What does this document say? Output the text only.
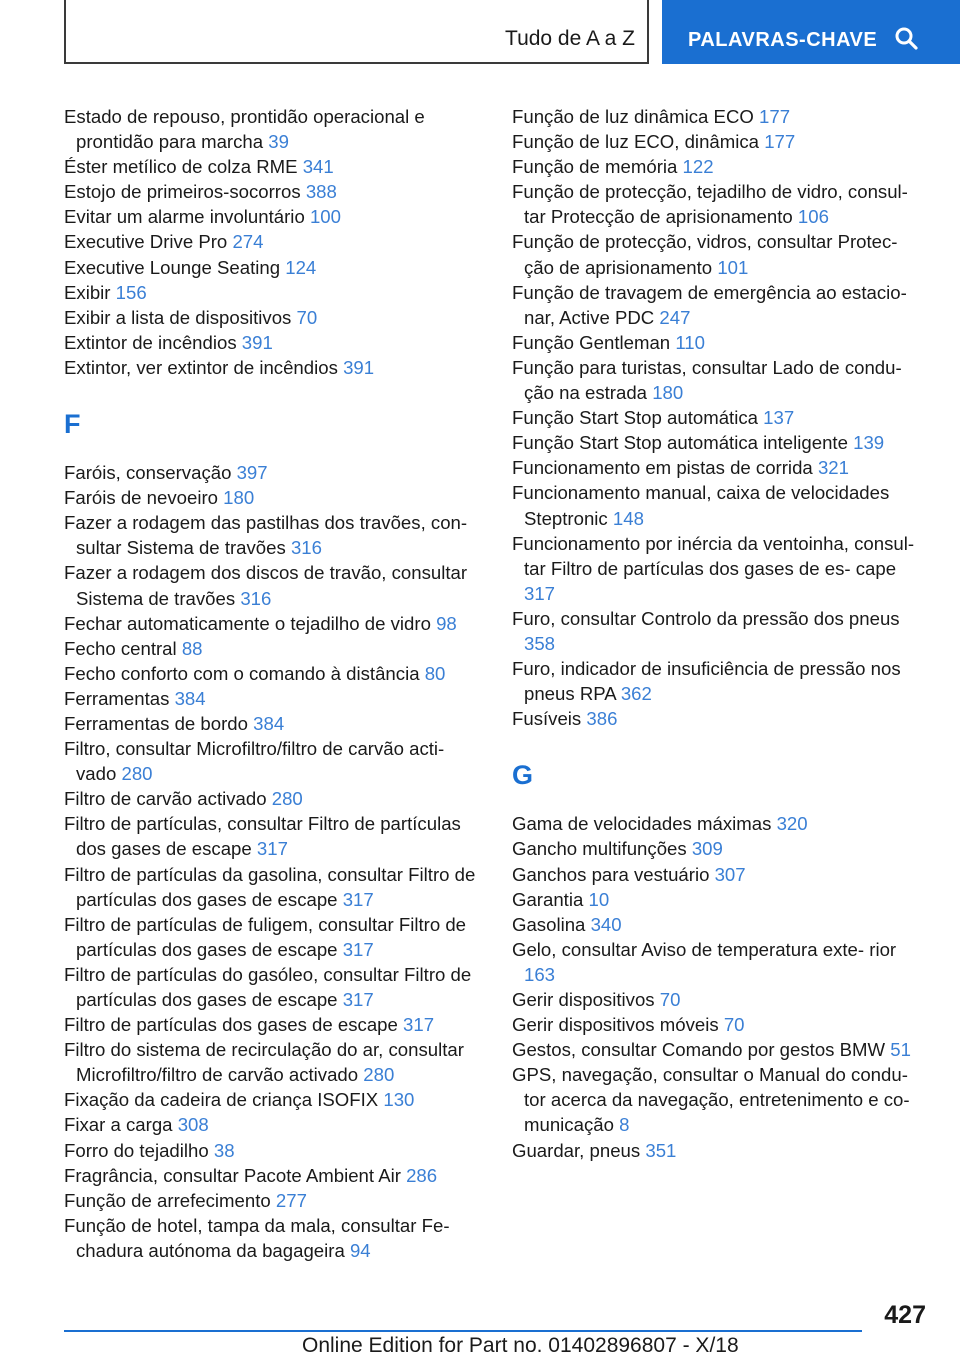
Tudo de A a Z	PALAVRAS-CHAVE
Estado de repouso, prontidão operacional e prontidão para marcha 39
Éster metílico de colza RME 341
Estojo de primeiros-socorros 388
Evitar um alarme involuntário 100
Executive Drive Pro 274
Executive Lounge Seating 124
Exibir 156
Exibir a lista de dispositivos 70
Extintor de incêndios 391
Extintor, ver extintor de incêndios 391
F
Faróis, conservação 397
Faróis de nevoeiro 180
Fazer a rodagem das pastilhas dos travões, con- sultar Sistema de travões 316
Fazer a rodagem dos discos de travão, consultar Sistema de travões 316
Fechar automaticamente o tejadilho de vidro 98
Fecho central 88
Fecho conforto com o comando à distância 80
Ferramentas 384
Ferramentas de bordo 384
Filtro, consultar Microfiltro/filtro de carvão acti- vado 280
Filtro de carvão activado 280
Filtro de partículas, consultar Filtro de partículas dos gases de escape 317
Filtro de partículas da gasolina, consultar Filtro de partículas dos gases de escape 317
Filtro de partículas de fuligem, consultar Filtro de partículas dos gases de escape 317
Filtro de partículas do gasóleo, consultar Filtro de partículas dos gases de escape 317
Filtro de partículas dos gases de escape 317
Filtro do sistema de recirculação do ar, consultar Microfiltro/filtro de carvão activado 280
Fixação da cadeira de criança ISOFIX 130
Fixar a carga 308
Forro do tejadilho 38
Fragrância, consultar Pacote Ambient Air 286
Função de arrefecimento 277
Função de hotel, tampa da mala, consultar Fe- chadura autónoma da bagageira 94
Função de luz dinâmica ECO 177
Função de luz ECO, dinâmica 177
Função de memória 122
Função de protecção, tejadilho de vidro, consul- tar Protecção de aprisionamento 106
Função de protecção, vidros, consultar Protec- ção de aprisionamento 101
Função de travagem de emergência ao estacio- nar, Active PDC 247
Função Gentleman 110
Função para turistas, consultar Lado de condu- ção na estrada 180
Função Start Stop automática 137
Função Start Stop automática inteligente 139
Funcionamento em pistas de corrida 321
Funcionamento manual, caixa de velocidades Steptronic 148
Funcionamento por inércia da ventoinha, consul- tar Filtro de partículas dos gases de es- cape 317
Furo, consultar Controlo da pressão dos pneus 358
Furo, indicador de insuficiência de pressão nos pneus RPA 362
Fusíveis 386
G
Gama de velocidades máximas 320
Gancho multifunções 309
Ganchos para vestuário 307
Garantia 10
Gasolina 340
Gelo, consultar Aviso de temperatura exte- rior 163
Gerir dispositivos 70
Gerir dispositivos móveis 70
Gestos, consultar Comando por gestos BMW 51
GPS, navegação, consultar o Manual do condu- tor acerca da navegação, entretenimento e co- municação 8
Guardar, pneus 351
427
Online Edition for Part no. 01402896807 - X/18
